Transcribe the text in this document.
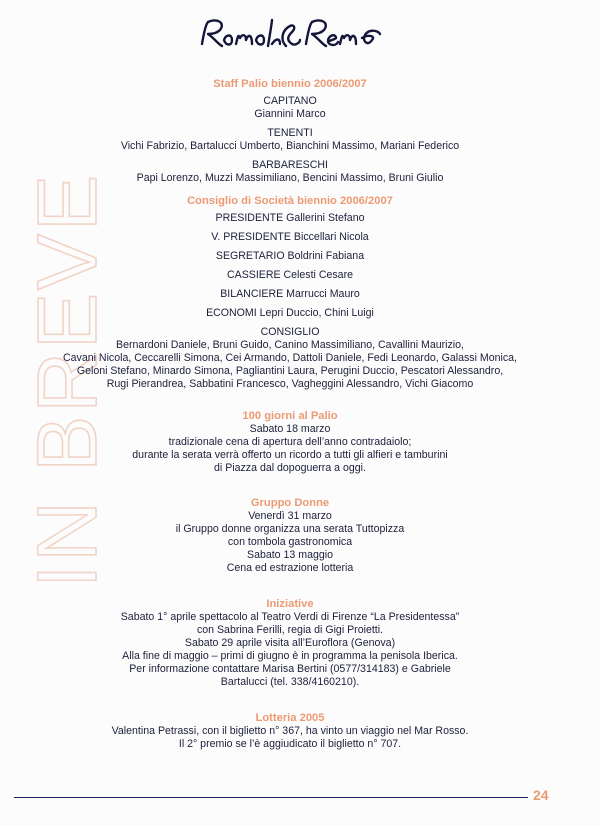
IN BREVE
Staff Palio biennio 2006/2007
CAPITANO
Giannini Marco
TENENTI
Vichi Fabrizio, Bartalucci Umberto, Bianchini Massimo, Mariani Federico
BARBARESCHI
Papi Lorenzo, Muzzi Massimiliano, Bencini Massimo, Bruni Giulio
Consiglio di Società biennio 2006/2007
PRESIDENTE Gallerini Stefano
V. PRESIDENTE Biccellari Nicola
SEGRETARIO Boldrini Fabiana
CASSIERE Celesti Cesare
BILANCIERE Marrucci Mauro
ECONOMI Lepri Duccio, Chini Luigi
CONSIGLIO
Bernardoni Daniele, Bruni Guido, Canino Massimiliano, Cavallini Maurizio,
Cavani Nicola, Ceccarelli Simona, Cei Armando, Dattoli Daniele, Fedi Leonardo, Galassi Monica,
Geloni Stefano, Minardo Simona, Pagliantini Laura, Perugini Duccio, Pescatori Alessandro,
Rugi Pierandrea, Sabbatini Francesco, Vagheggini Alessandro, Vichi Giacomo
100 giorni al Palio
Sabato 18 marzo
tradizionale cena di apertura dell’anno contradaiolo;
durante la serata verrà offerto un ricordo a tutti gli alfieri e tamburini
di Piazza dal dopoguerra a oggi.
Gruppo Donne
Venerdì 31 marzo
il Gruppo donne organizza una serata Tuttopizza
con tombola gastronomica
Sabato 13 maggio
Cena ed estrazione lotteria
Iniziative
Sabato 1° aprile spettacolo al Teatro Verdi di Firenze “La Presidentessa”
con Sabrina Ferilli, regia di Gigi Proietti.
Sabato 29 aprile visita all’Euroflora (Genova)
Alla fine di maggio – primi di giugno è in programma la penisola Iberica.
Per informazione contattare Marisa Bertini (0577/314183) e Gabriele
Bartalucci (tel. 338/4160210).
Lotteria 2005
Valentina Petrassi, con il biglietto n° 367, ha vinto un viaggio nel Mar Rosso.
Il 2° premio se l’è aggiudicato il biglietto n° 707.
24
